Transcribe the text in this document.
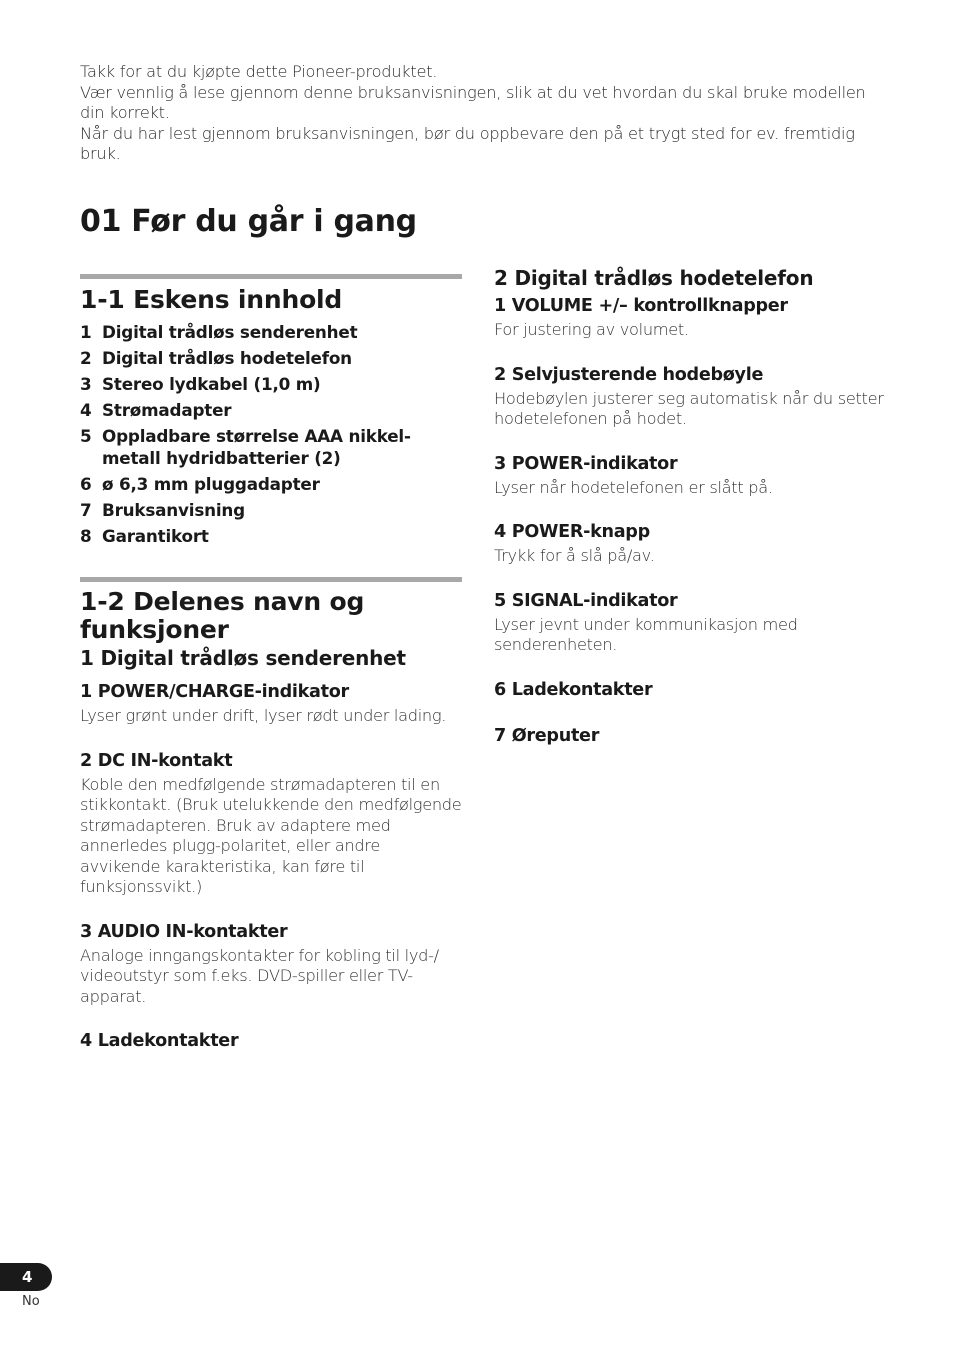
Takk for at du kjøpte dette Pioneer-produktet.

Vær vennlig å lese gjennom denne bruksanvisningen, slik at du vet hvordan du skal bruke modellen din korrekt.

Når du har lest gjennom bruksanvisningen, bør du oppbevare den på et trygt sted for ev. fremtidig bruk.

01 Før du går i gang
1-1 Eskens innhold
1 Digital trådløs senderenhet
2 Digital trådløs hodetelefon
3 Stereo lydkabel (1,0 m)
4 Strømadapter
5 Oppladbare størrelse AAA nikkel-metall hydridbatterier (2)
6 ø 6,3 mm pluggadapter
7 Bruksanvisning
8 Garantikort
1-2 Delenes navn og funksjoner
1 Digital trådløs senderenhet
1 POWER/CHARGE-indikator

Lyser grønt under drift, lyser rødt under lading.

2 DC IN-kontakt

Koble den medfølgende strømadapteren til en stikkontakt. (Bruk utelukkende den medfølgende strømadapteren. Bruk av adaptere med annerledes plugg-polaritet, eller andre avvikende karakteristika, kan føre til funksjonssvikt.)

3 AUDIO IN-kontakter

Analoge inngangskontakter for kobling til lyd-/ videoutstyr som f.eks. DVD-spiller eller TV-apparat.

4 Ladekontakter
2 Digital trådløs hodetelefon
1 VOLUME +/– kontrollknapper

For justering av volumet.

2 Selvjusterende hodebøyle

Hodebøylen justerer seg automatisk når du setter hodetelefonen på hodet.

3 POWER-indikator

Lyser når hodetelefonen er slått på.

4 POWER-knapp

Trykk for å slå på/av.

5 SIGNAL-indikator

Lyser jevnt under kommunikasjon med senderenheten.

6 Ladekontakter
7 Øreputer
4
No
